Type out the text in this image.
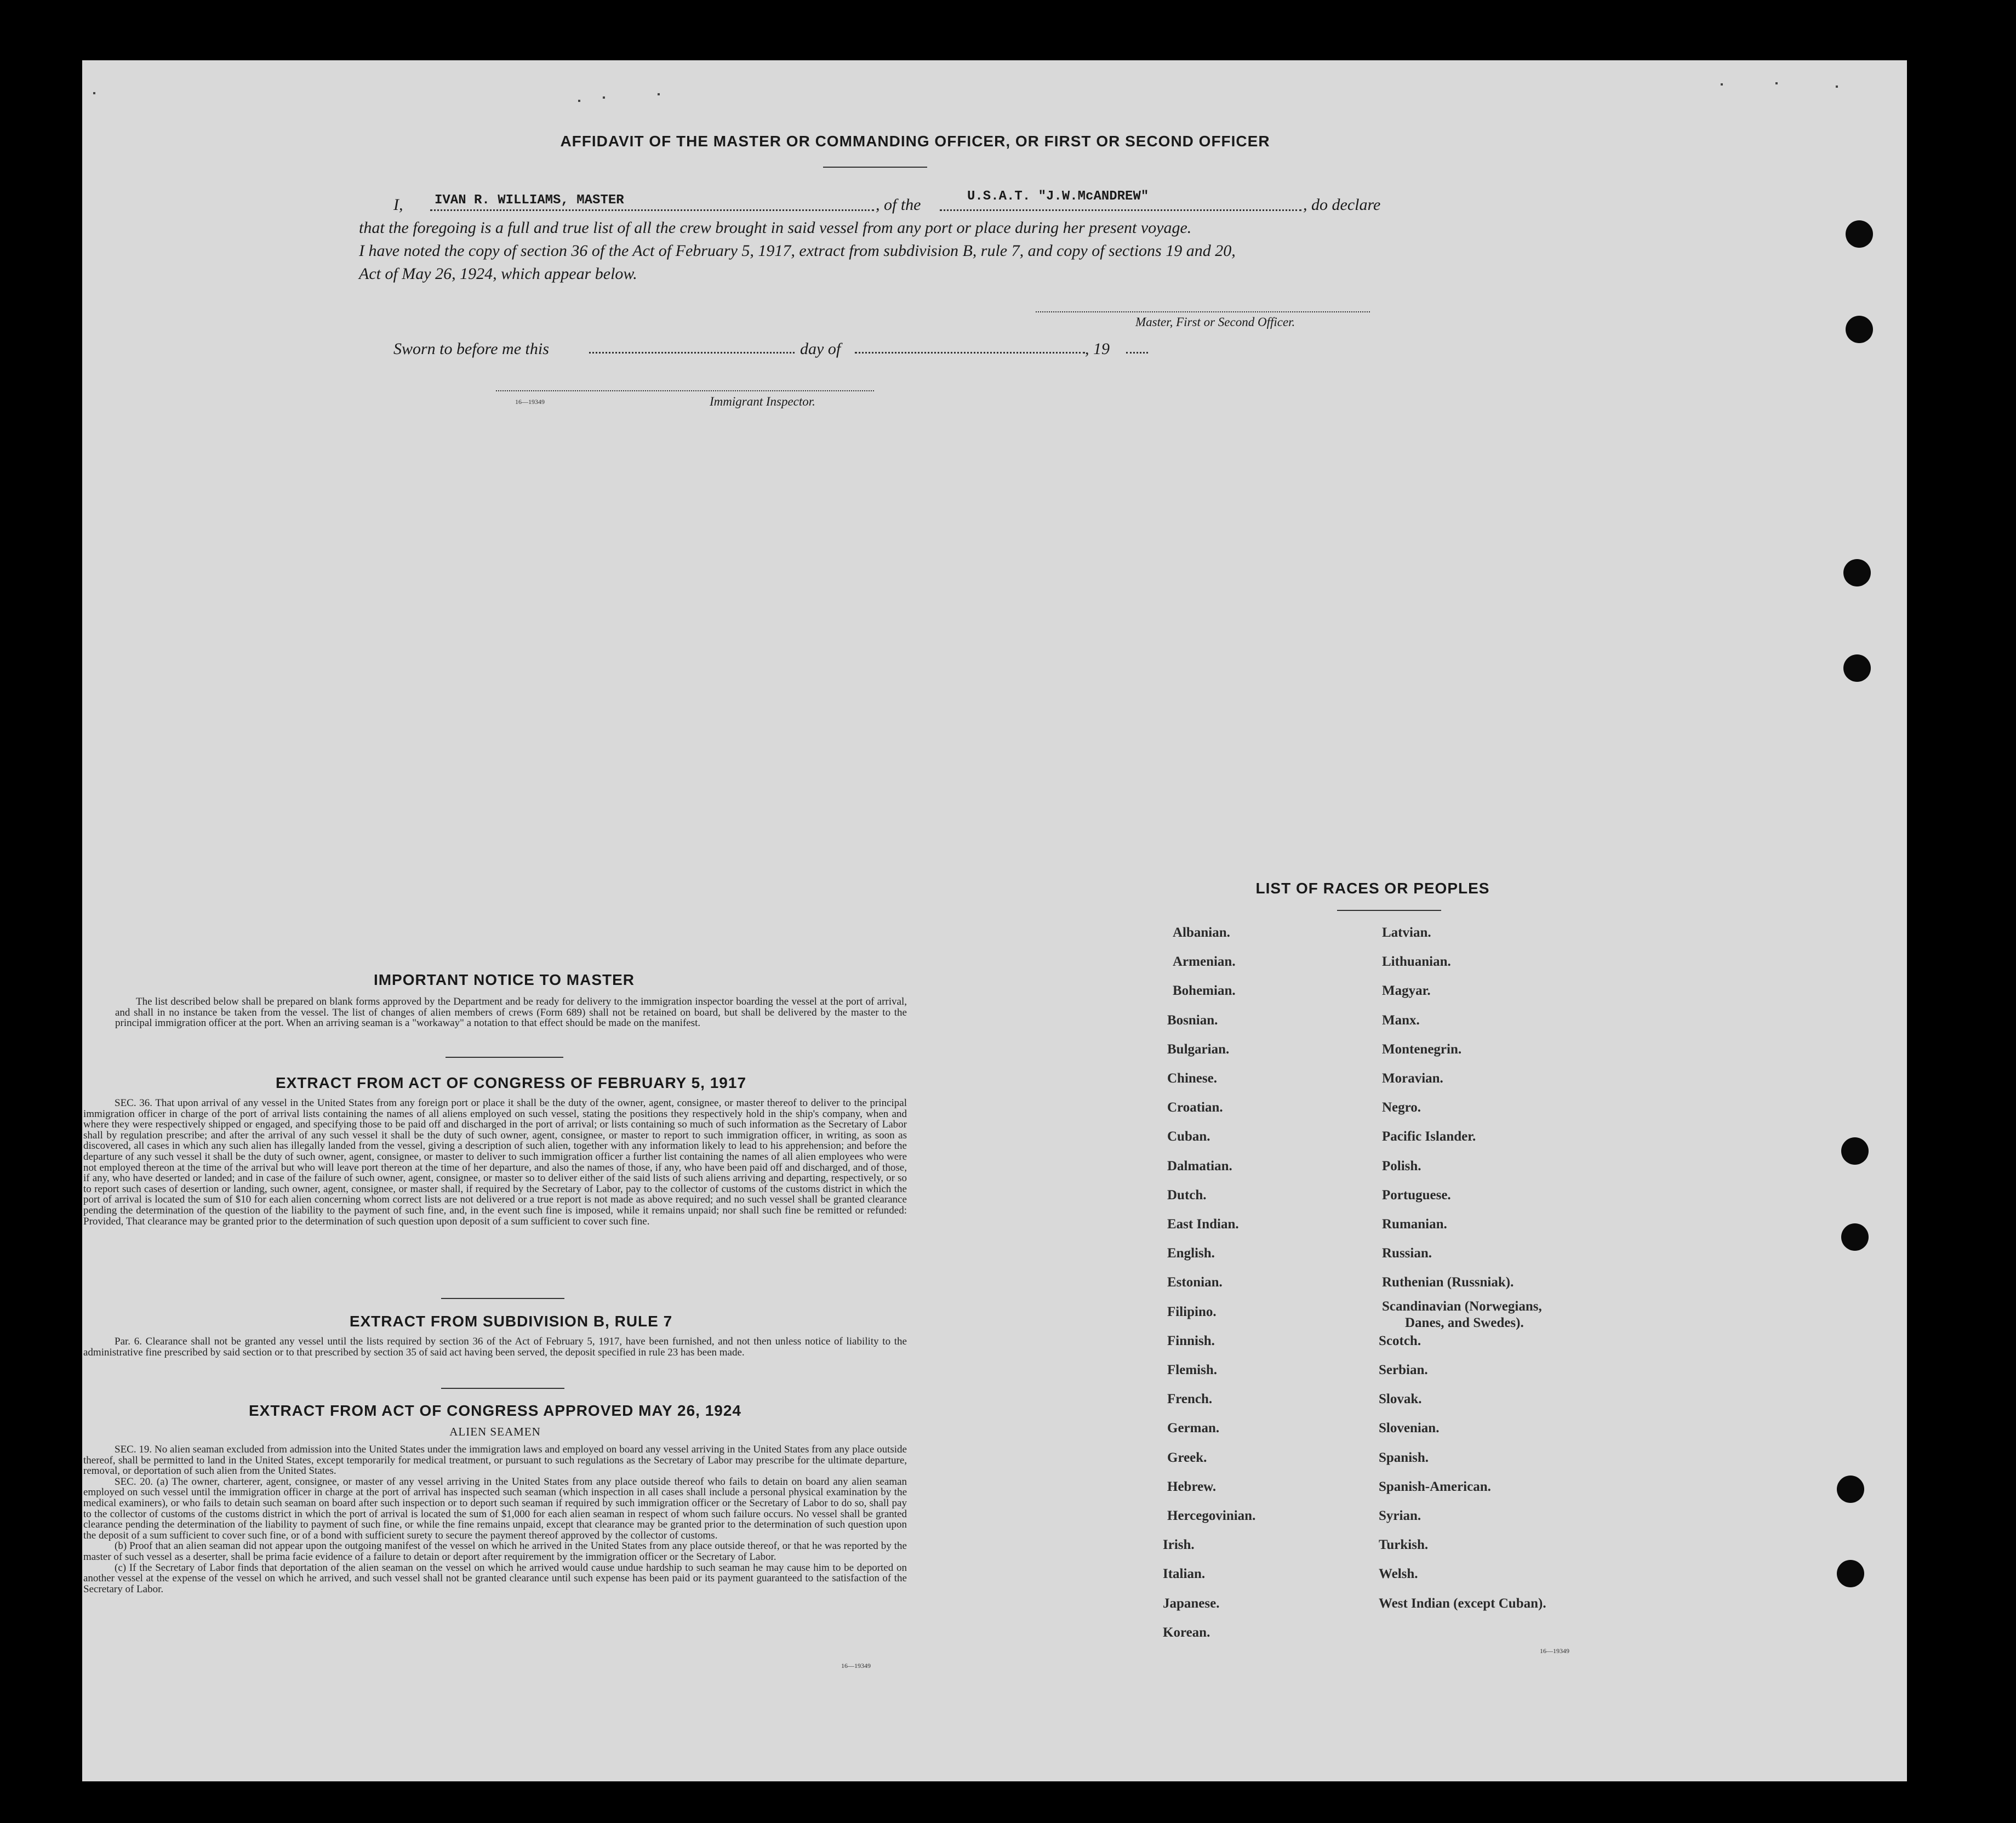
AFFIDAVIT OF THE MASTER OR COMMANDING OFFICER, OR FIRST OR SECOND OFFICER
I, IVAN R. WILLIAMS, MASTER	, of the	U.S.A.T. "J.W.McANDREW"	, do declare
that the foregoing is a full and true list of all the crew brought in said vessel from any port or place during her present voyage.
I have noted the copy of section 36 of the Act of February 5, 1917, extract from subdivision B, rule 7, and copy of sections 19 and 20,
Act of May 26, 1924, which appear below.
Master, First or Second Officer.
Sworn to before me this	day of	, 19
16—19349	Immigrant Inspector.
IMPORTANT NOTICE TO MASTER
The list described below shall be prepared on blank forms approved by the Department and be ready for delivery to the immigration inspector boarding the vessel at the port of arrival, and shall in no instance be taken from the vessel. The list of changes of alien members of crews (Form 689) shall not be retained on board, but shall be delivered by the master to the principal immigration officer at the port. When an arriving seaman is a "workaway" a notation to that effect should be made on the manifest.
EXTRACT FROM ACT OF CONGRESS OF FEBRUARY 5, 1917
SEC. 36. That upon arrival of any vessel in the United States from any foreign port or place it shall be the duty of the owner, agent, consignee, or master thereof to deliver to the principal immigration officer in charge of the port of arrival lists containing the names of all aliens employed on such vessel, stating the positions they respectively hold in the ship's company, when and where they were respectively shipped or engaged, and specifying those to be paid off and discharged in the port of arrival; or lists containing so much of such information as the Secretary of Labor shall by regulation prescribe; and after the arrival of any such vessel it shall be the duty of such owner, agent, consignee, or master to report to such immigration officer, in writing, as soon as discovered, all cases in which any such alien has illegally landed from the vessel, giving a description of such alien, together with any information likely to lead to his apprehension; and before the departure of any such vessel it shall be the duty of such owner, agent, consignee, or master to deliver to such immigration officer a further list containing the names of all alien employees who were not employed thereon at the time of the arrival but who will leave port thereon at the time of her departure, and also the names of those, if any, who have been paid off and discharged, and of those, if any, who have deserted or landed; and in case of the failure of such owner, agent, consignee, or master so to deliver either of the said lists of such aliens arriving and departing, respectively, or so to report such cases of desertion or landing, such owner, agent, consignee, or master shall, if required by the Secretary of Labor, pay to the collector of customs of the customs district in which the port of arrival is located the sum of $10 for each alien concerning whom correct lists are not delivered or a true report is not made as above required; and no such vessel shall be granted clearance pending the determination of the question of the liability to the payment of such fine, and, in the event such fine is imposed, while it remains unpaid; nor shall such fine be remitted or refunded: Provided, That clearance may be granted prior to the determination of such question upon deposit of a sum sufficient to cover such fine.
EXTRACT FROM SUBDIVISION B, RULE 7
Par. 6. Clearance shall not be granted any vessel until the lists required by section 36 of the Act of February 5, 1917, have been furnished, and not then unless notice of liability to the administrative fine prescribed by said section or to that prescribed by section 35 of said act having been served, the deposit specified in rule 23 has been made.
EXTRACT FROM ACT OF CONGRESS APPROVED MAY 26, 1924
ALIEN SEAMEN
SEC. 19. No alien seaman excluded from admission into the United States under the immigration laws and employed on board any vessel arriving in the United States from any place outside thereof, shall be permitted to land in the United States, except temporarily for medical treatment, or pursuant to such regulations as the Secretary of Labor may prescribe for the ultimate departure, removal, or deportation of such alien from the United States.
SEC. 20. (a) The owner, charterer, agent, consignee, or master of any vessel arriving in the United States from any place outside thereof who fails to detain on board any alien seaman employed on such vessel until the immigration officer in charge at the port of arrival has inspected such seaman (which inspection in all cases shall include a personal physical examination by the medical examiners), or who fails to detain such seaman on board after such inspection or to deport such seaman if required by such immigration officer or the Secretary of Labor to do so, shall pay to the collector of customs of the customs district in which the port of arrival is located the sum of $1,000 for each alien seaman in respect of whom such failure occurs. No vessel shall be granted clearance pending the determination of the liability to payment of such fine, or while the fine remains unpaid, except that clearance may be granted prior to the determination of such question upon the deposit of a sum sufficient to cover such fine, or of a bond with sufficient surety to secure the payment thereof approved by the collector of customs.
(b) Proof that an alien seaman did not appear upon the outgoing manifest of the vessel on which he arrived in the United States from any place outside thereof, or that he was reported by the master of such vessel as a deserter, shall be prima facie evidence of a failure to detain or deport after requirement by the immigration officer or the Secretary of Labor.
(c) If the Secretary of Labor finds that deportation of the alien seaman on the vessel on which he arrived would cause undue hardship to such seaman he may cause him to be deported on another vessel at the expense of the vessel on which he arrived, and such vessel shall not be granted clearance until such expense has been paid or its payment guaranteed to the satisfaction of the Secretary of Labor.
16—19349
LIST OF RACES OR PEOPLES
Albanian.
Armenian.
Bohemian.
Bosnian.
Bulgarian.
Chinese.
Croatian.
Cuban.
Dalmatian.
Dutch.
East Indian.
English.
Estonian.
Filipino.
Finnish.
Flemish.
French.
German.
Greek.
Hebrew.
Hercegovinian.
Irish.
Italian.
Japanese.
Korean.
Latvian.
Lithuanian.
Magyar.
Manx.
Montenegrin.
Moravian.
Negro.
Pacific Islander.
Polish.
Portuguese.
Rumanian.
Russian.
Ruthenian (Russniak).
Scandinavian (Norwegians,
Danes, and Swedes).
Scotch.
Serbian.
Slovak.
Slovenian.
Spanish.
Spanish-American.
Syrian.
Turkish.
Welsh.
West Indian (except Cuban).
16—19349
